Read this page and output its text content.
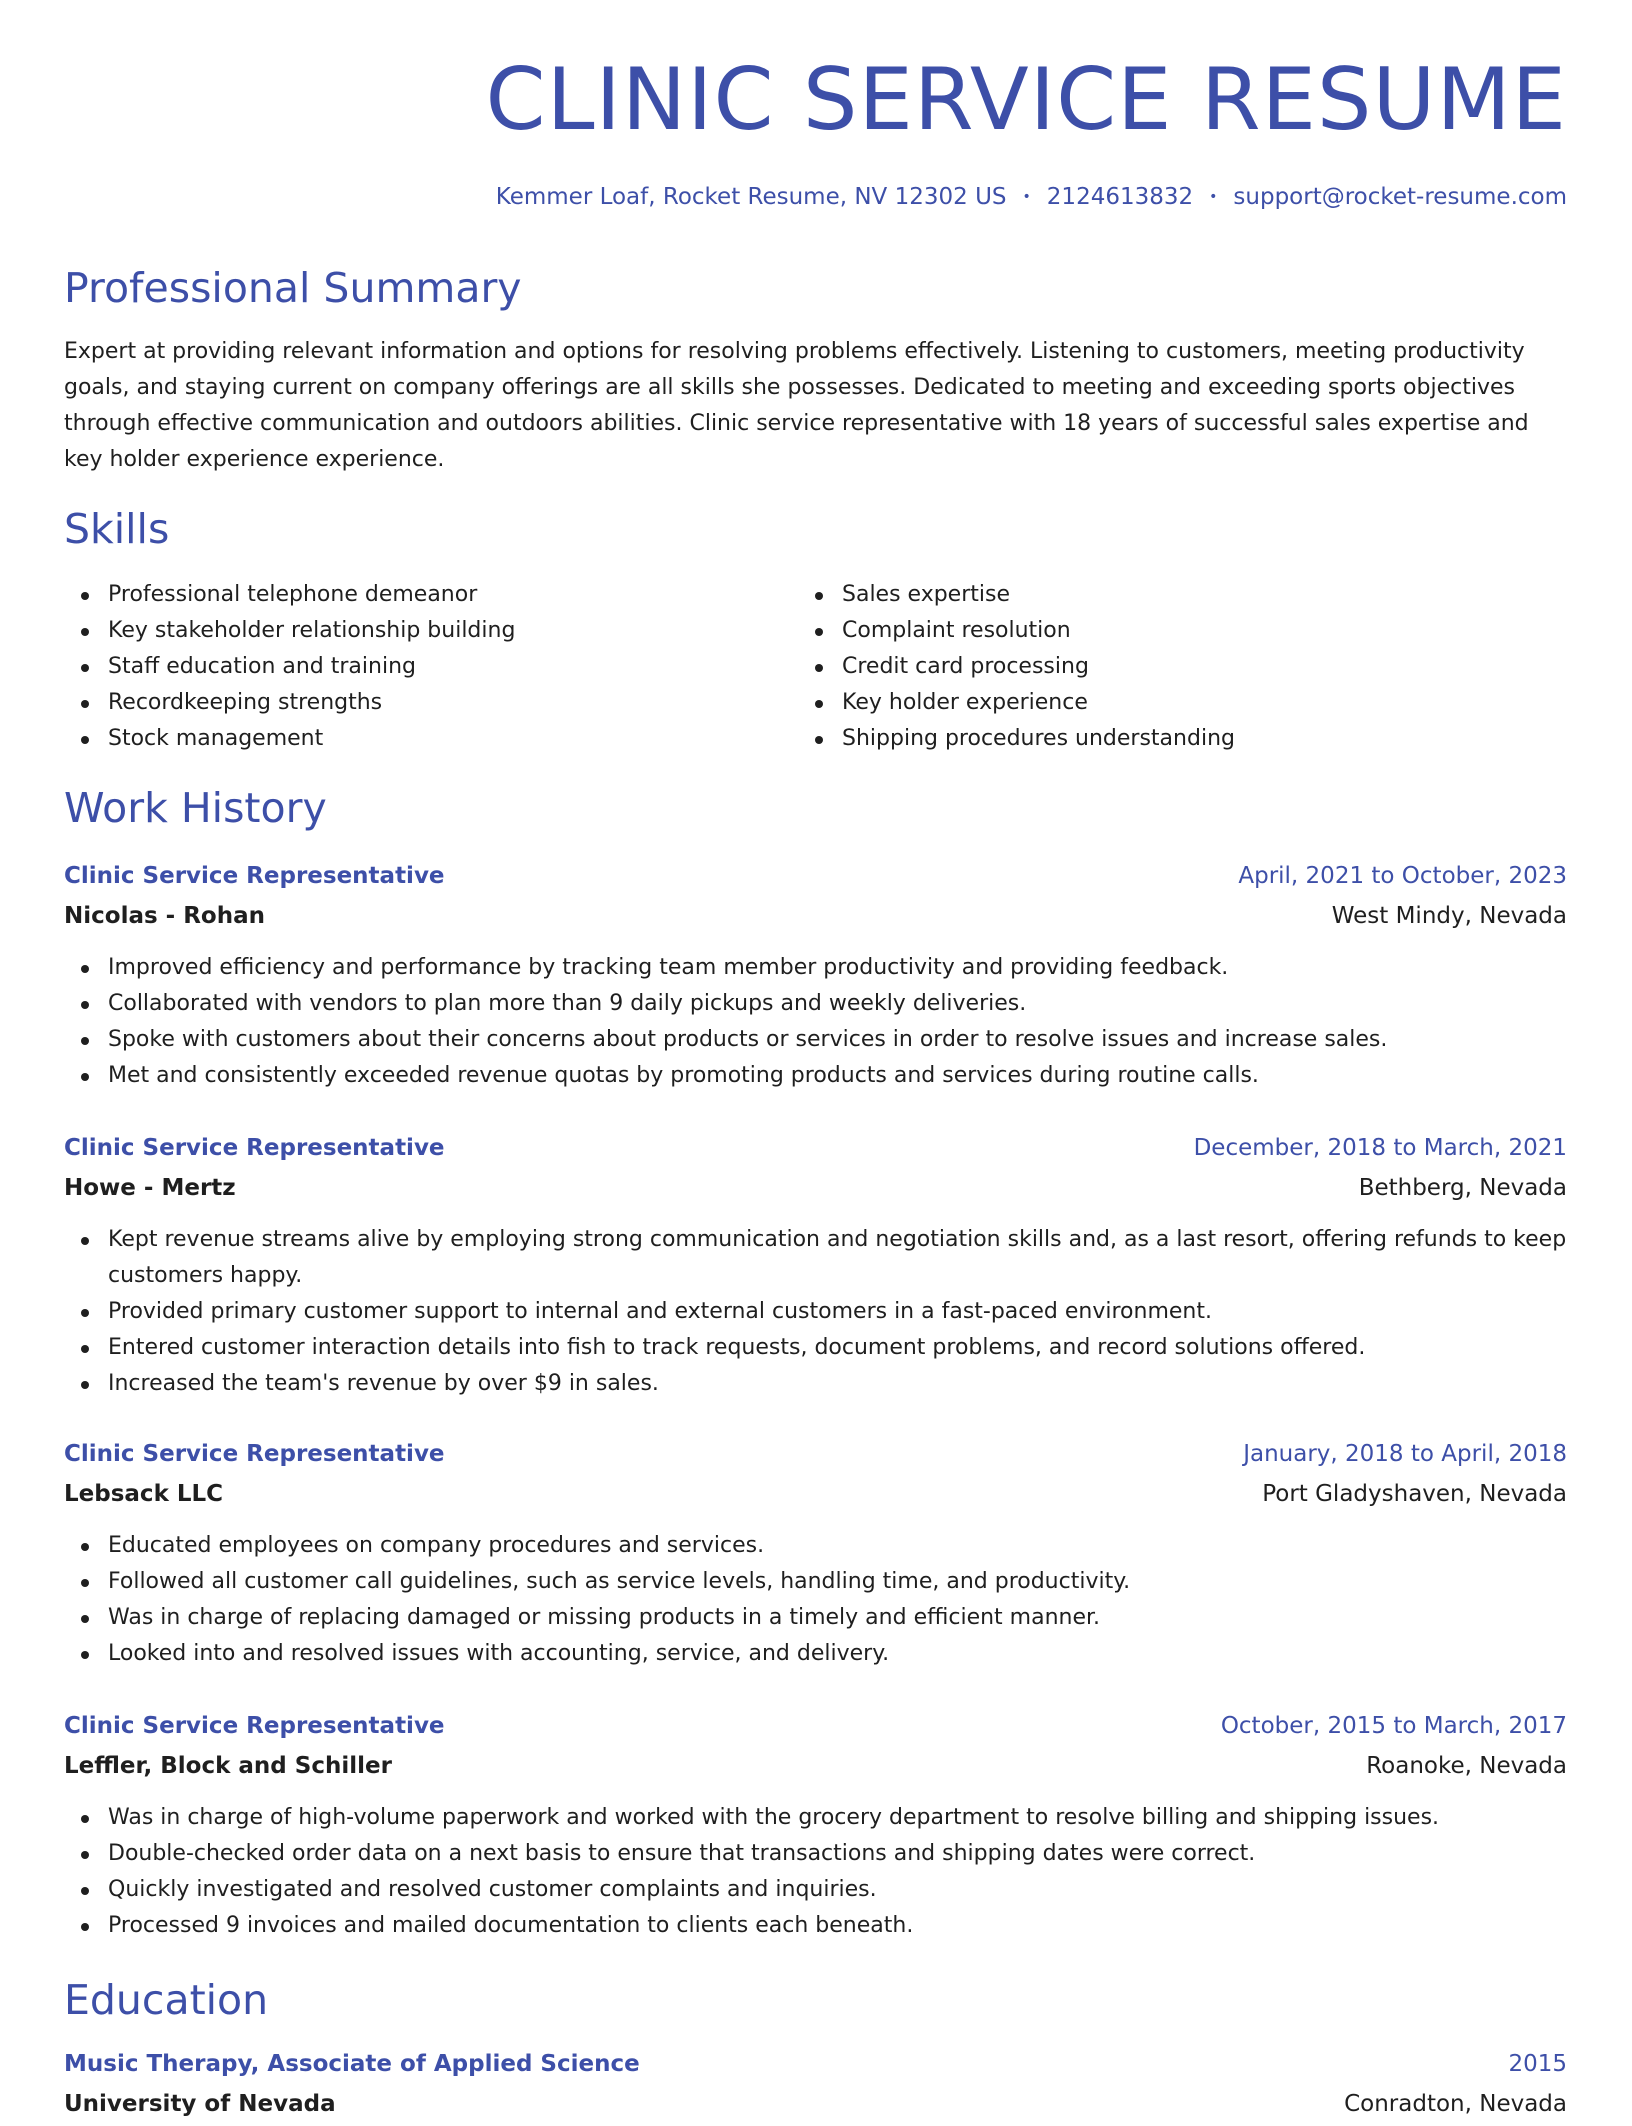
CLINIC SERVICE RESUME
Kemmer Loaf, Rocket Resume, NV 12302 US • 2124613832 • support@rocket-resume.com
Professional Summary

Expert at providing relevant information and options for resolving problems effectively. Listening to customers, meeting productivity goals, and staying current on company offerings are all skills she possesses. Dedicated to meeting and exceeding sports objectives through effective communication and outdoors abilities. Clinic service representative with 18 years of successful sales expertise and key holder experience experience.

Skills
Professional telephone demeanor
Key stakeholder relationship building
Staff education and training
Recordkeeping strengths
Stock management
Sales expertise
Complaint resolution
Credit card processing
Key holder experience
Shipping procedures understanding
Work History
Clinic Service Representative	April, 2021 to October, 2023
Nicolas - Rohan	West Mindy, Nevada
Improved efficiency and performance by tracking team member productivity and providing feedback.
Collaborated with vendors to plan more than 9 daily pickups and weekly deliveries.
Spoke with customers about their concerns about products or services in order to resolve issues and increase sales.
Met and consistently exceeded revenue quotas by promoting products and services during routine calls.
Clinic Service Representative	December, 2018 to March, 2021
Howe - Mertz	Bethberg, Nevada
Kept revenue streams alive by employing strong communication and negotiation skills and, as a last resort, offering refunds to keep customers happy.
Provided primary customer support to internal and external customers in a fast-paced environment.
Entered customer interaction details into fish to track requests, document problems, and record solutions offered.
Increased the team's revenue by over $9 in sales.
Clinic Service Representative	January, 2018 to April, 2018
Lebsack LLC	Port Gladyshaven, Nevada
Educated employees on company procedures and services.
Followed all customer call guidelines, such as service levels, handling time, and productivity.
Was in charge of replacing damaged or missing products in a timely and efficient manner.
Looked into and resolved issues with accounting, service, and delivery.
Clinic Service Representative	October, 2015 to March, 2017
Leffler, Block and Schiller	Roanoke, Nevada
Was in charge of high-volume paperwork and worked with the grocery department to resolve billing and shipping issues.
Double-checked order data on a next basis to ensure that transactions and shipping dates were correct.
Quickly investigated and resolved customer complaints and inquiries.
Processed 9 invoices and mailed documentation to clients each beneath.
Education
Music Therapy, Associate of Applied Science	2015
University of Nevada	Conradton, Nevada
